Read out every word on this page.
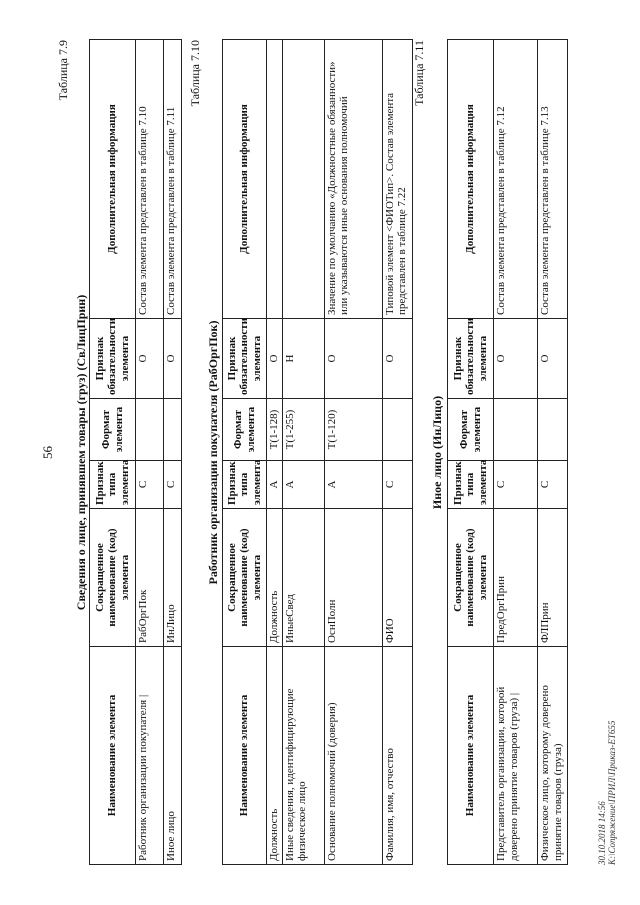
56
Таблица 7.9
Сведения о лице, принявшем товары (груз) (СвЛицПрин)
Наименование элемента	Сокращенное наименование (код) элемента	Признак типа элемента	Формат элемента	Признак обязательности элемента	Дополнительная информация
Работник организации покупателя |	РабОргПок	С		О	Состав элемента представлен в таблице 7.10
Иное лицо	ИнЛицо	С		О	Состав элемента представлен в таблице 7.11
Таблица 7.10
Работник организации покупателя (РабОргПок)
Наименование элемента	Сокращенное наименование (код) элемента	Признак типа элемента	Формат элемента	Признак обязательности элемента	Дополнительная информация
Должность	Должность	А	T(1-128)	О	
Иные сведения, идентифицирующие физическое лицо	ИныеСвед	А	T(1-255)	Н	
Основание полномочий (доверия)	ОснПолн	А	T(1-120)	О	Значение по умолчанию «Должностные обязанности» или указываются иные основания полномочий
Фамилия, имя, отчество	ФИО	С		О	Типовой элемент <ФИОТип>. Состав элемента представлен в таблице 7.22
Таблица 7.11
Иное лицо (ИнЛицо)
Наименование элемента	Сокращенное наименование (код) элемента	Признак типа элемента	Формат элемента	Признак обязательности элемента	Дополнительная информация
Представитель организации, которой доверено принятие товаров (груза) |	ПредОргПрин	С		О	Состав элемента представлен в таблице 7.12
Физическое лицо, которому доверено принятие товаров (груза)	ФЛПрин	С		О	Состав элемента представлен в таблице 7.13
30.10.2018 14:56 К:\Сопряжение\ПРИЛ\Приказ-ЕТ655
